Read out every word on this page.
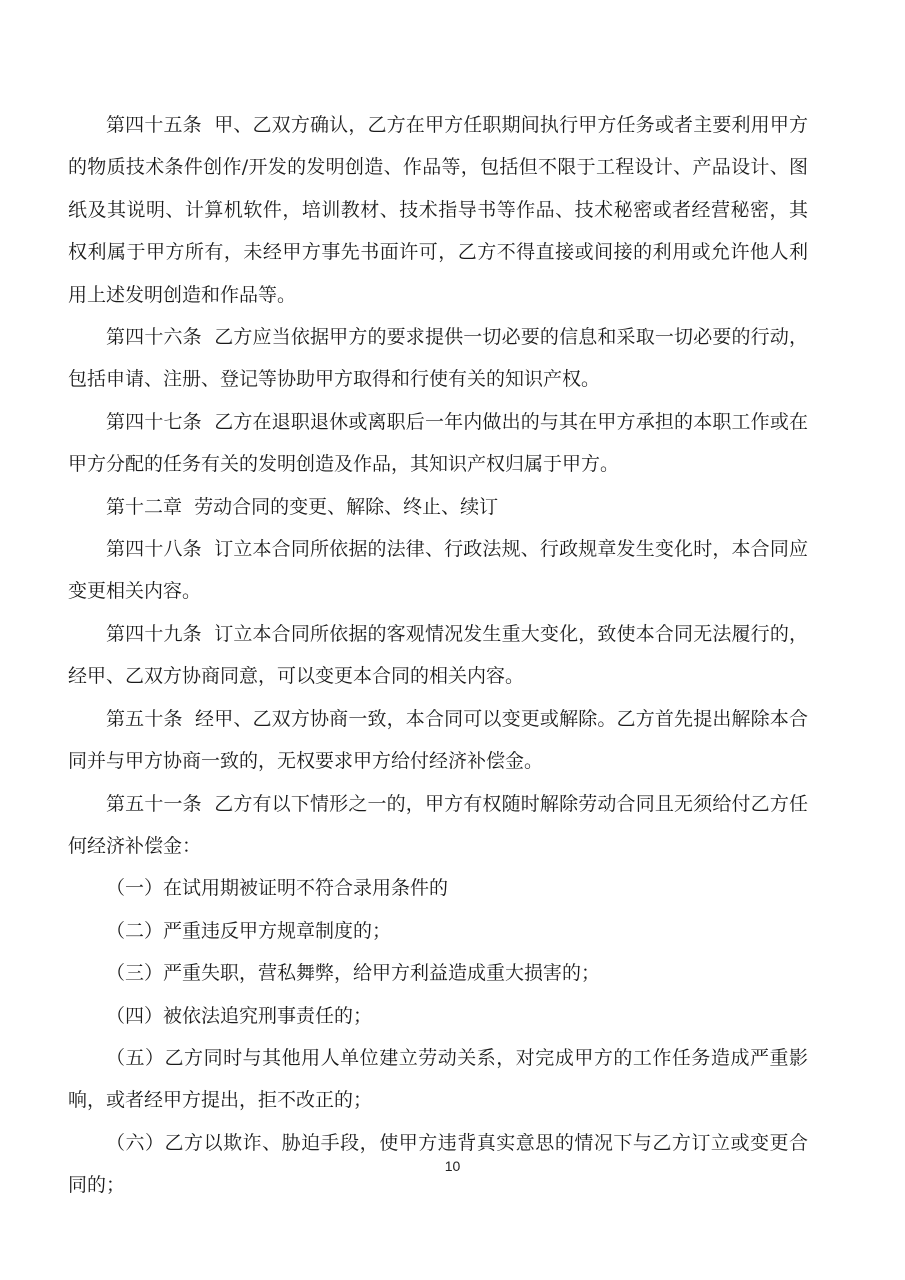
第四十五条  甲、乙双方确认，乙方在甲方任职期间执行甲方任务或者主要利用甲方的物质技术条件创作/开发的发明创造、作品等，包括但不限于工程设计、产品设计、图纸及其说明、计算机软件，培训教材、技术指导书等作品、技术秘密或者经营秘密，其权利属于甲方所有，未经甲方事先书面许可，乙方不得直接或间接的利用或允许他人利用上述发明创造和作品等。

第四十六条  乙方应当依据甲方的要求提供一切必要的信息和采取一切必要的行动，包括申请、注册、登记等协助甲方取得和行使有关的知识产权。

第四十七条  乙方在退职退休或离职后一年内做出的与其在甲方承担的本职工作或在甲方分配的任务有关的发明创造及作品，其知识产权归属于甲方。

第十二章  劳动合同的变更、解除、终止、续订

第四十八条  订立本合同所依据的法律、行政法规、行政规章发生变化时，本合同应变更相关内容。

第四十九条  订立本合同所依据的客观情况发生重大变化，致使本合同无法履行的，经甲、乙双方协商同意，可以变更本合同的相关内容。

第五十条  经甲、乙双方协商一致，本合同可以变更或解除。乙方首先提出解除本合同并与甲方协商一致的，无权要求甲方给付经济补偿金。

第五十一条  乙方有以下情形之一的，甲方有权随时解除劳动合同且无须给付乙方任何经济补偿金：

（一）在试用期被证明不符合录用条件的

（二）严重违反甲方规章制度的；

（三）严重失职，营私舞弊，给甲方利益造成重大损害的；

（四）被依法追究刑事责任的；

（五）乙方同时与其他用人单位建立劳动关系，对完成甲方的工作任务造成严重影响，或者经甲方提出，拒不改正的；

（六）乙方以欺诈、胁迫手段，使甲方违背真实意思的情况下与乙方订立或变更合同的；

10
